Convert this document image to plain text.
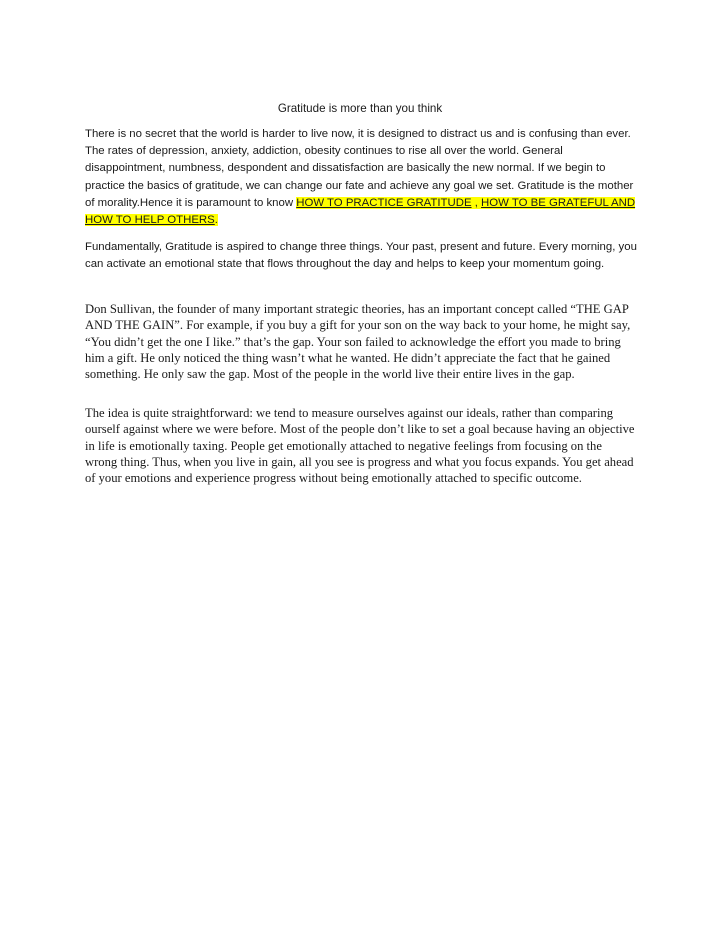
Gratitude is more than you think

There is no secret that the world is harder to live now, it is designed to distract us and is confusing than ever. The rates of depression, anxiety, addiction, obesity continues to rise all over the world. General disappointment, numbness, despondent and dissatisfaction are basically the new normal. If we begin to practice the basics of gratitude, we can change our fate and achieve any goal we set. Gratitude is the mother of morality.Hence it is paramount to know HOW TO PRACTICE GRATITUDE , HOW TO BE GRATEFUL AND HOW TO HELP OTHERS.

Fundamentally, Gratitude is aspired to change three things. Your past, present and future. Every morning, you can activate an emotional state that flows throughout the day and helps to keep your momentum going.

Don Sullivan, the founder of many important strategic theories, has an important concept called “THE GAP AND THE GAIN”. For example, if you buy a gift for your son on the way back to your home, he might say, “You didn’t get the one I like.” that’s the gap. Your son failed to acknowledge the effort you made to bring him a gift. He only noticed the thing wasn’t what he wanted. He didn’t appreciate the fact that he gained something. He only saw the gap. Most of the people in the world live their entire lives in the gap.

The idea is quite straightforward: we tend to measure ourselves against our ideals, rather than comparing ourself against where we were before. Most of the people don’t like to set a goal because having an objective in life is emotionally taxing. People get emotionally attached to negative feelings from focusing on the wrong thing. Thus, when you live in gain, all you see is progress and what you focus expands. You get ahead of your emotions and experience progress without being emotionally attached to specific outcome.
